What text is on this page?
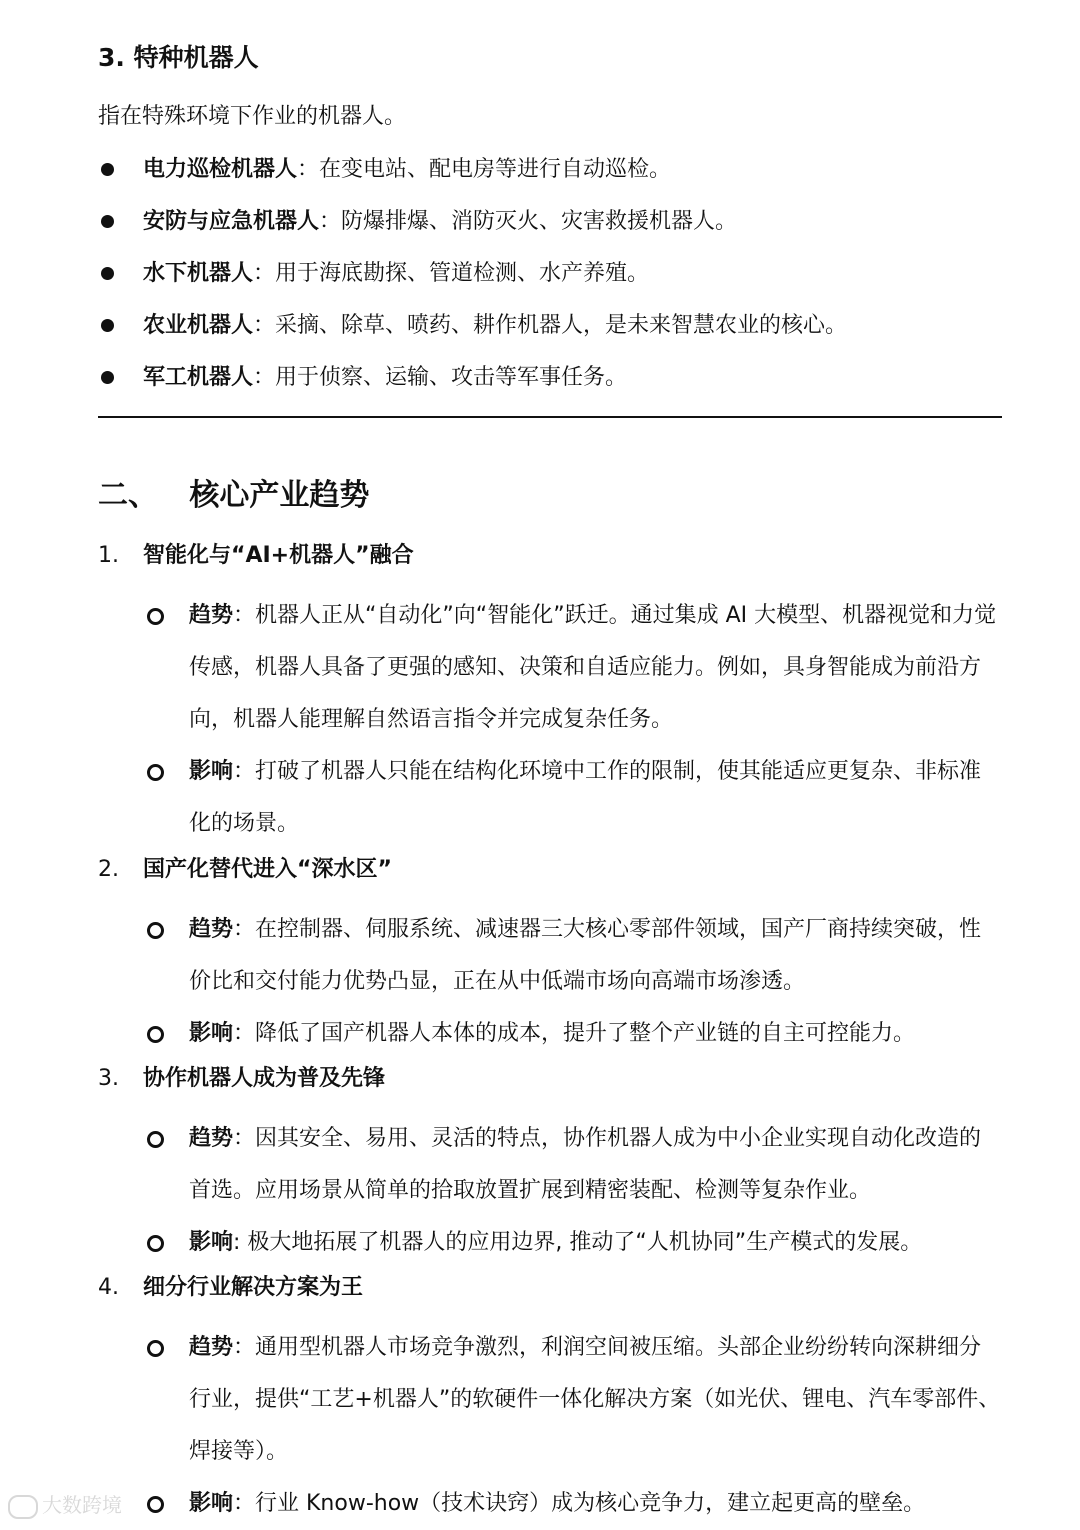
3. 特种机器人
指在特殊环境下作业的机器人。
电力巡检机器人：在变电站、配电房等进行自动巡检。
安防与应急机器人：防爆排爆、消防灭火、灾害救援机器人。
水下机器人：用于海底勘探、管道检测、水产养殖。
农业机器人：采摘、除草、喷药、耕作机器人，是未来智慧农业的核心。
军工机器人：用于侦察、运输、攻击等军事任务。
二、   核心产业趋势
1.	智能化与“AI+机器人”融合
趋势：机器人正从“自动化”向“智能化”跃迁。通过集成 AI 大模型、机器视觉和力觉传感，机器人具备了更强的感知、决策和自适应能力。例如，具身智能成为前沿方向，机器人能理解自然语言指令并完成复杂任务。
影响：打破了机器人只能在结构化环境中工作的限制，使其能适应更复杂、非标准化的场景。
2.	国产化替代进入“深水区”
趋势：在控制器、伺服系统、减速器三大核心零部件领域，国产厂商持续突破，性价比和交付能力优势凸显，正在从中低端市场向高端市场渗透。
影响：降低了国产机器人本体的成本，提升了整个产业链的自主可控能力。
3.	协作机器人成为普及先锋
趋势：因其安全、易用、灵活的特点，协作机器人成为中小企业实现自动化改造的首选。应用场景从简单的拾取放置扩展到精密装配、检测等复杂作业。
影响: 极大地拓展了机器人的应用边界, 推动了“人机协同”生产模式的发展。
4.	细分行业解决方案为王
趋势：通用型机器人市场竞争激烈，利润空间被压缩。头部企业纷纷转向深耕细分行业，提供“工艺+机器人”的软硬件一体化解决方案（如光伏、锂电、汽车零部件、焊接等）。
影响：行业 Know-how（技术诀窍）成为核心竞争力，建立起更高的壁垒。
大数跨境
